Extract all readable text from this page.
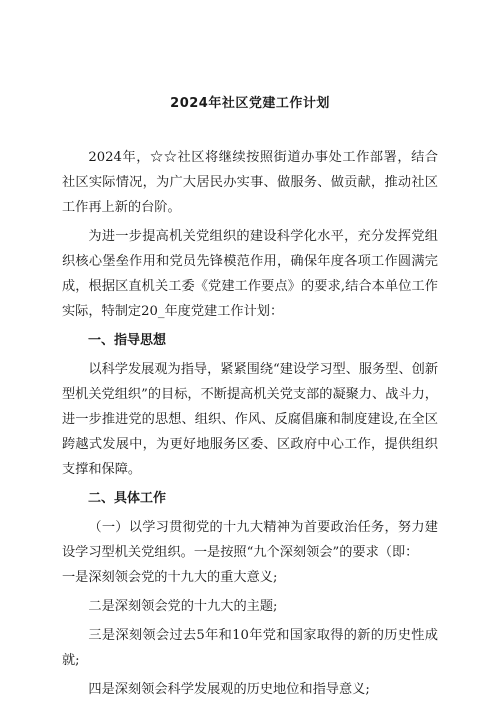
2024年社区党建工作计划

2024年，☆☆社区将继续按照街道办事处工作部署，结合社区实际情况，为广大居民办实事、做服务、做贡献，推动社区工作再上新的台阶。

为进一步提高机关党组织的建设科学化水平，充分发挥党组织核心堡垒作用和党员先锋模范作用，确保年度各项工作圆满完成，根据区直机关工委《党建工作要点》的要求,结合本单位工作实际，特制定20_年度党建工作计划：

一、指导思想

以科学发展观为指导，紧紧围绕“建设学习型、服务型、创新型机关党组织”的目标，不断提高机关党支部的凝聚力、战斗力，进一步推进党的思想、组织、作风、反腐倡廉和制度建设,在全区跨越式发展中，为更好地服务区委、区政府中心工作，提供组织支撑和保障。

二、具体工作

（一）以学习贯彻党的十九大精神为首要政治任务，努力建设学习型机关党组织。一是按照“九个深刻领会”的要求（即：

一是深刻领会党的十九大的重大意义;

二是深刻领会党的十九大的主题;

三是深刻领会过去5年和10年党和国家取得的新的历史性成就;

四是深刻领会科学发展观的历史地位和指导意义;
